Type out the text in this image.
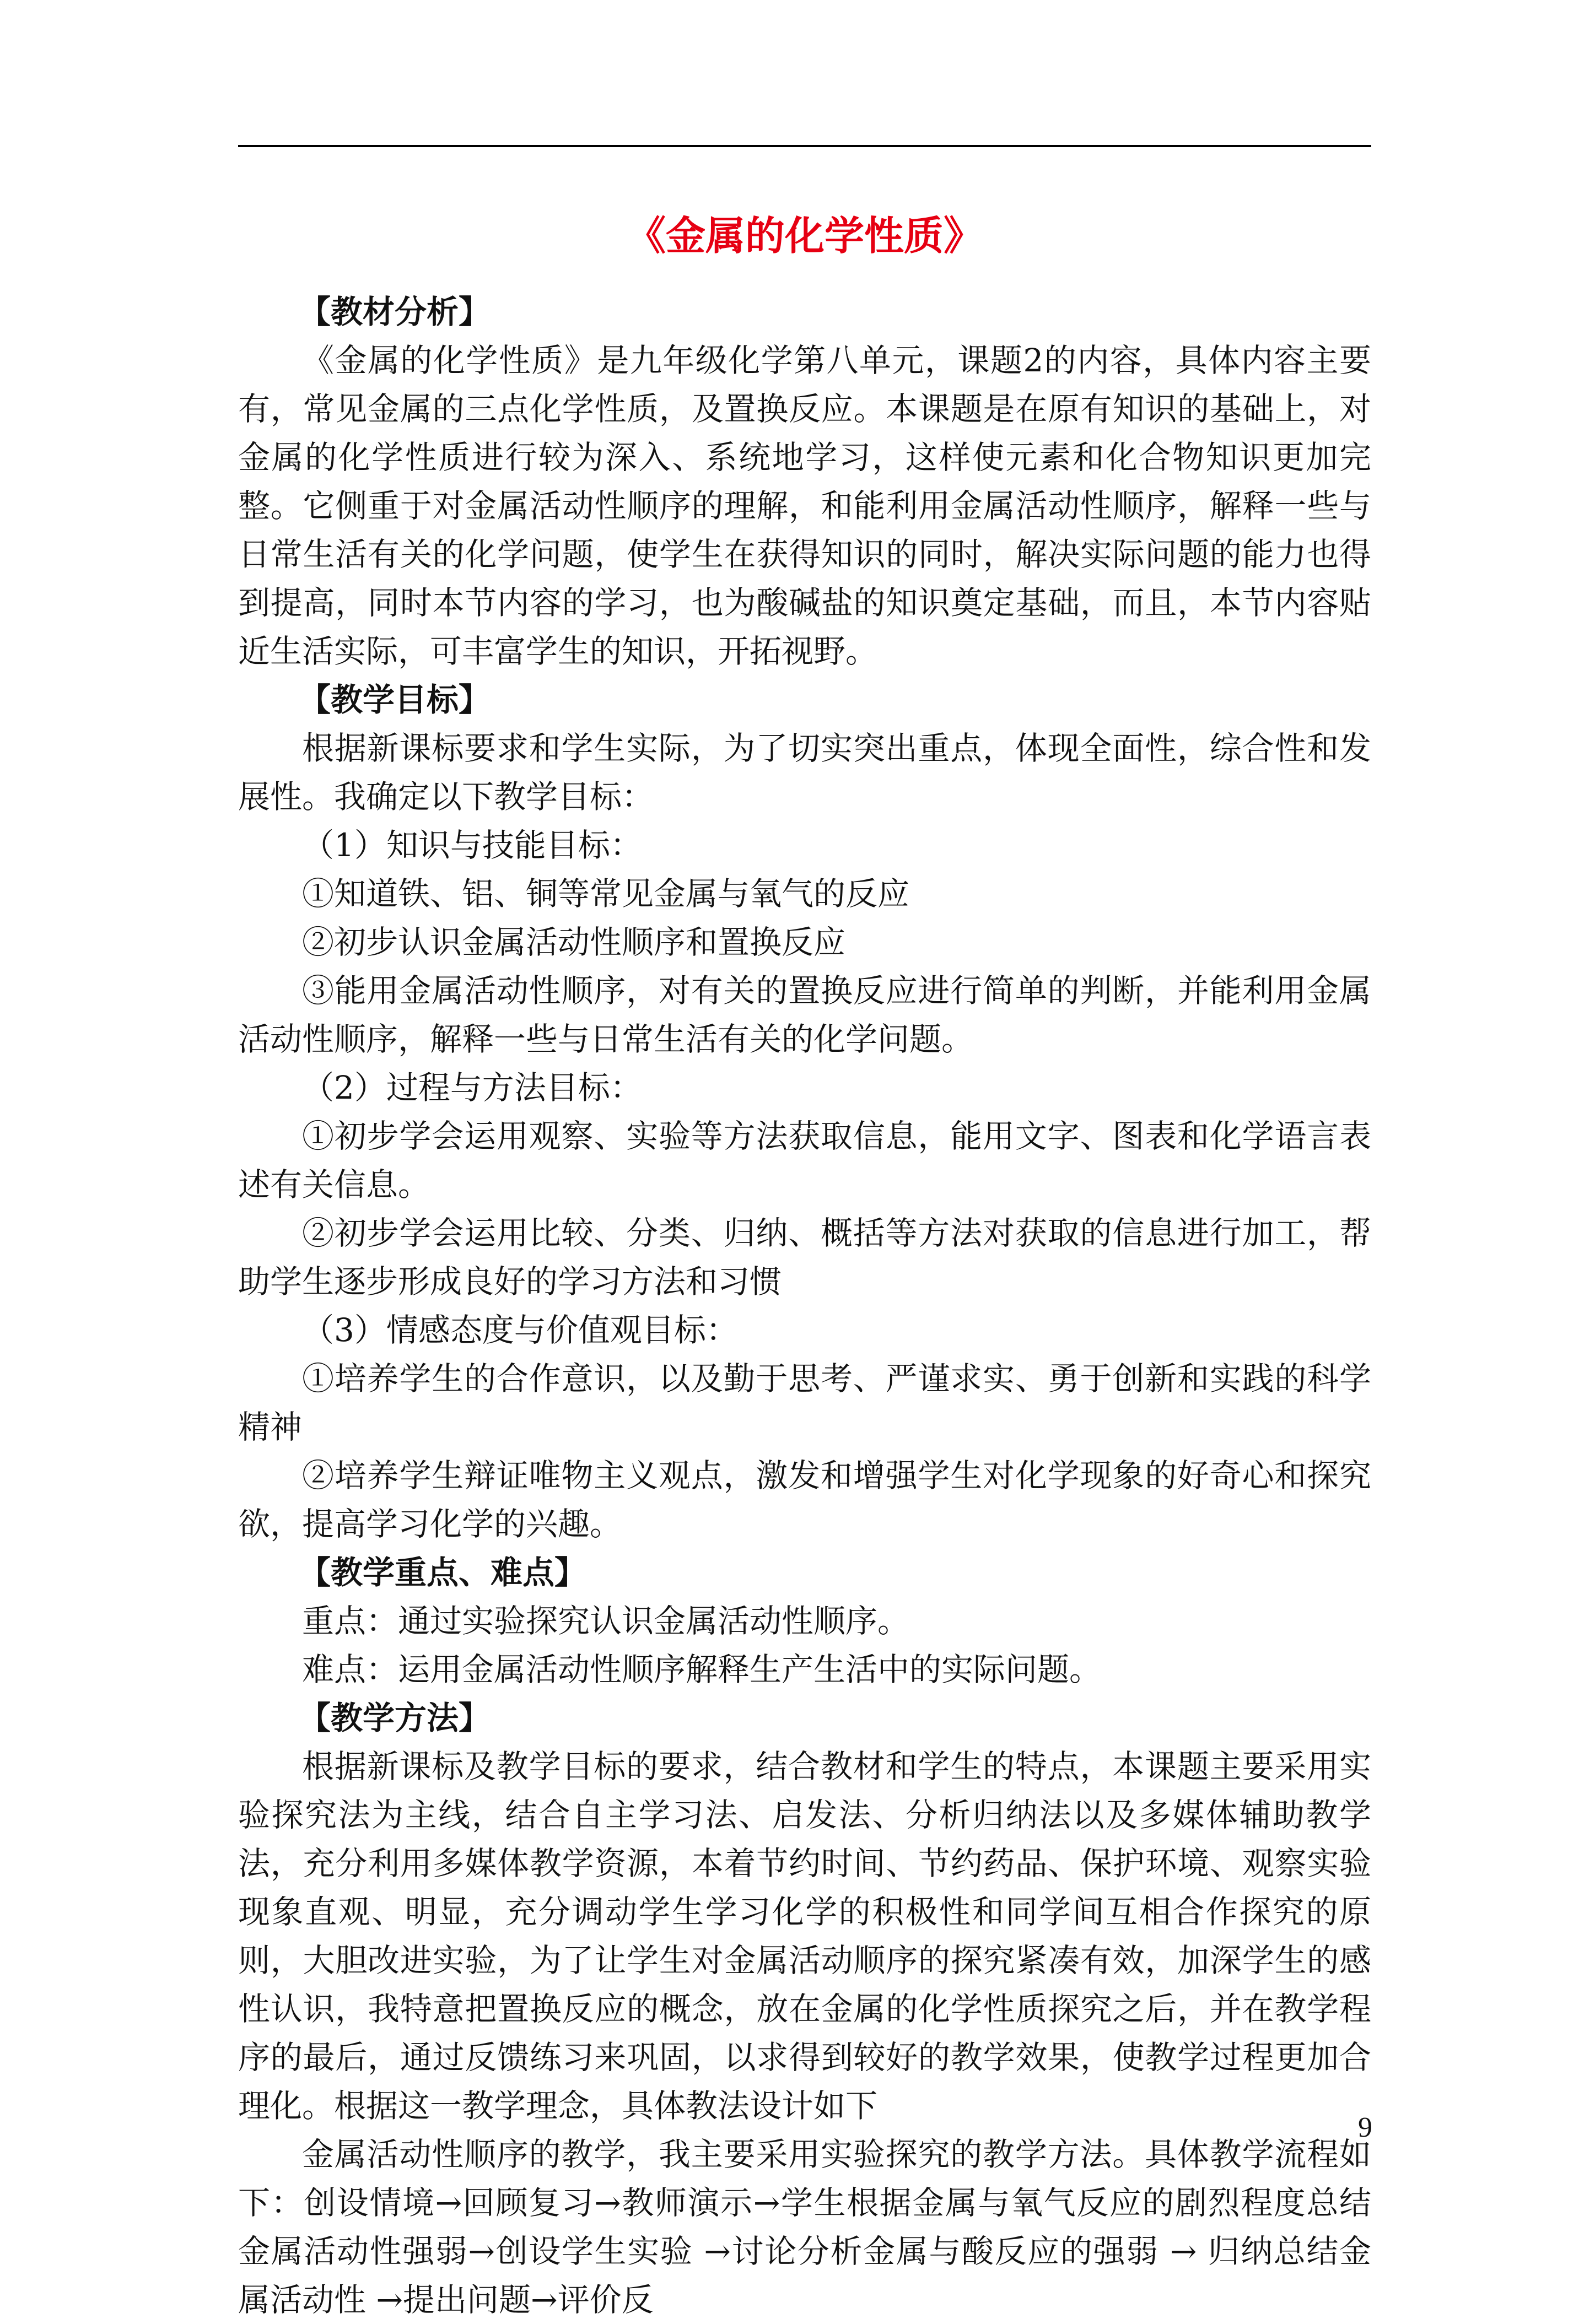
《金属的化学性质》
【教材分析】

《金属的化学性质》是九年级化学第八单元，课题2的内容，具体内容主要有，常见金属的三点化学性质，及置换反应。本课题是在原有知识的基础上，对金属的化学性质进行较为深入、系统地学习，这样使元素和化合物知识更加完整。它侧重于对金属活动性顺序的理解，和能利用金属活动性顺序，解释一些与日常生活有关的化学问题，使学生在获得知识的同时，解决实际问题的能力也得到提高，同时本节内容的学习，也为酸碱盐的知识奠定基础，而且，本节内容贴近生活实际，可丰富学生的知识，开拓视野。

【教学目标】

根据新课标要求和学生实际，为了切实突出重点，体现全面性，综合性和发展性。我确定以下教学目标：

（1）知识与技能目标：

①知道铁、铝、铜等常见金属与氧气的反应

②初步认识金属活动性顺序和置换反应

③能用金属活动性顺序，对有关的置换反应进行简单的判断，并能利用金属活动性顺序，解释一些与日常生活有关的化学问题。

（2）过程与方法目标：

①初步学会运用观察、实验等方法获取信息，能用文字、图表和化学语言表述有关信息。

②初步学会运用比较、分类、归纳、概括等方法对获取的信息进行加工，帮助学生逐步形成良好的学习方法和习惯

（3）情感态度与价值观目标：

①培养学生的合作意识，以及勤于思考、严谨求实、勇于创新和实践的科学精神

②培养学生辩证唯物主义观点，激发和增强学生对化学现象的好奇心和探究欲，提高学习化学的兴趣。

【教学重点、难点】

重点：通过实验探究认识金属活动性顺序。

难点：运用金属活动性顺序解释生产生活中的实际问题。

【教学方法】

根据新课标及教学目标的要求，结合教材和学生的特点，本课题主要采用实验探究法为主线，结合自主学习法、启发法、分析归纳法以及多媒体辅助教学法，充分利用多媒体教学资源，本着节约时间、节约药品、保护环境、观察实验现象直观、明显，充分调动学生学习化学的积极性和同学间互相合作探究的原则，大胆改进实验，为了让学生对金属活动顺序的探究紧凑有效，加深学生的感性认识，我特意把置换反应的概念，放在金属的化学性质探究之后，并在教学程序的最后，通过反馈练习来巩固，以求得到较好的教学效果，使教学过程更加合理化。根据这一教学理念，具体教法设计如下

金属活动性顺序的教学，我主要采用实验探究的教学方法。具体教学流程如下：创设情境→回顾复习→教师演示→学生根据金属与氧气反应的剧烈程度总结金属活动性强弱→创设学生实验 →讨论分析金属与酸反应的强弱 → 归纳总结金属活动性 →提出问题→评价反

9
